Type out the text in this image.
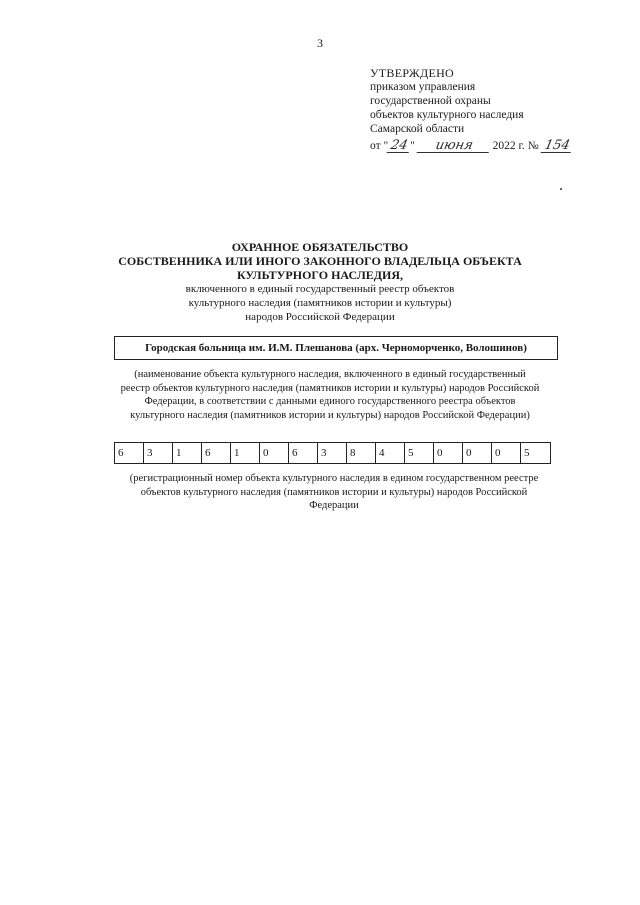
3
УТВЕРЖДЕНО
приказом управления
государственной охраны
объектов культурного наследия
Самарской области
от "24" июня 2022 г. № 154
ОХРАННОЕ ОБЯЗАТЕЛЬСТВО
СОБСТВЕННИКА ИЛИ ИНОГО ЗАКОННОГО ВЛАДЕЛЬЦА ОБЪЕКТА
КУЛЬТУРНОГО НАСЛЕДИЯ,
включенного в единый государственный реестр объектов
культурного наследия (памятников истории и культуры)
народов Российской Федерации
Городская больница им. И.М. Плешанова (арх. Черноморченко, Волошинов)
(наименование объекта культурного наследия, включенного в единый государственный
реестр объектов культурного наследия (памятников истории и культуры) народов Российской
Федерации, в соответствии с данными единого государственного реестра объектов
культурного наследия (памятников истории и культуры) народов Российской Федерации)
6	3	1	6	1	0	6	3	8	4	5	0	0	0	5
(регистрационный номер объекта культурного наследия в едином государственном реестре
объектов культурного наследия (памятников истории и культуры) народов Российской
Федерации
